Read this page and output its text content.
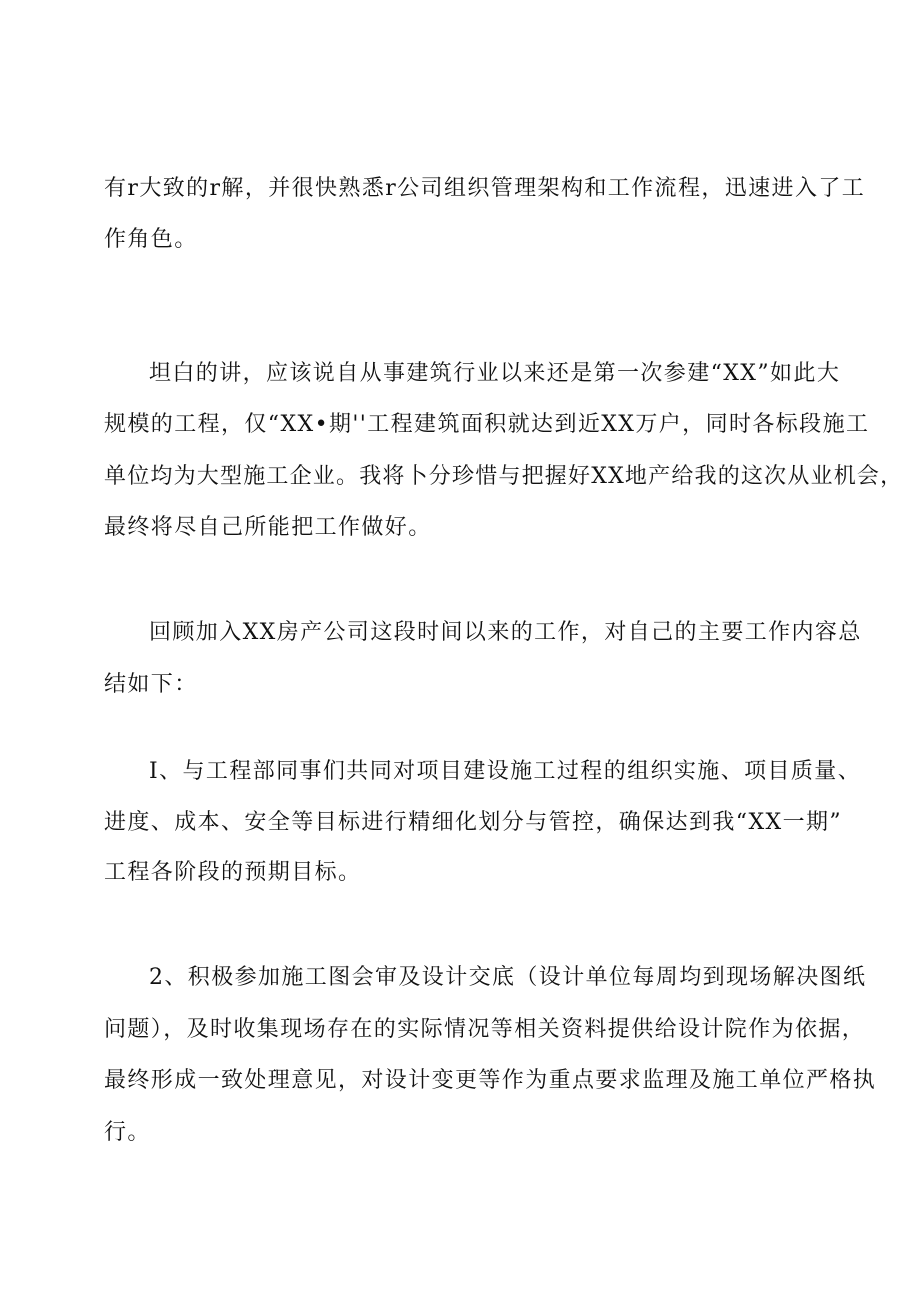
有r大致的r解，并很快熟悉r公司组织管理架构和工作流程，迅速进入了工

作角色。

坦白的讲，应该说自从事建筑行业以来还是第一次参建“XX”如此大

规模的工程，仅“XX•期''工程建筑面积就达到近XX万户，同时各标段施工

单位均为大型施工企业。我将卜分珍惜与把握好XX地产给我的这次从业机会，

最终将尽自己所能把工作做好。

回顾加入XX房产公司这段时间以来的工作，对自己的主要工作内容总

结如下：

I、与工程部同事们共同对项目建设施工过程的组织实施、项目质量、

进度、成本、安全等目标进行精细化划分与管控，确保达到我“XX一期”

工程各阶段的预期目标。

2、积极参加施工图会审及设计交底（设计单位每周均到现场解决图纸

问题），及时收集现场存在的实际情况等相关资料提供给设计院作为依据，

最终形成一致处理意见，对设计变更等作为重点要求监理及施工单位严格执

行。
